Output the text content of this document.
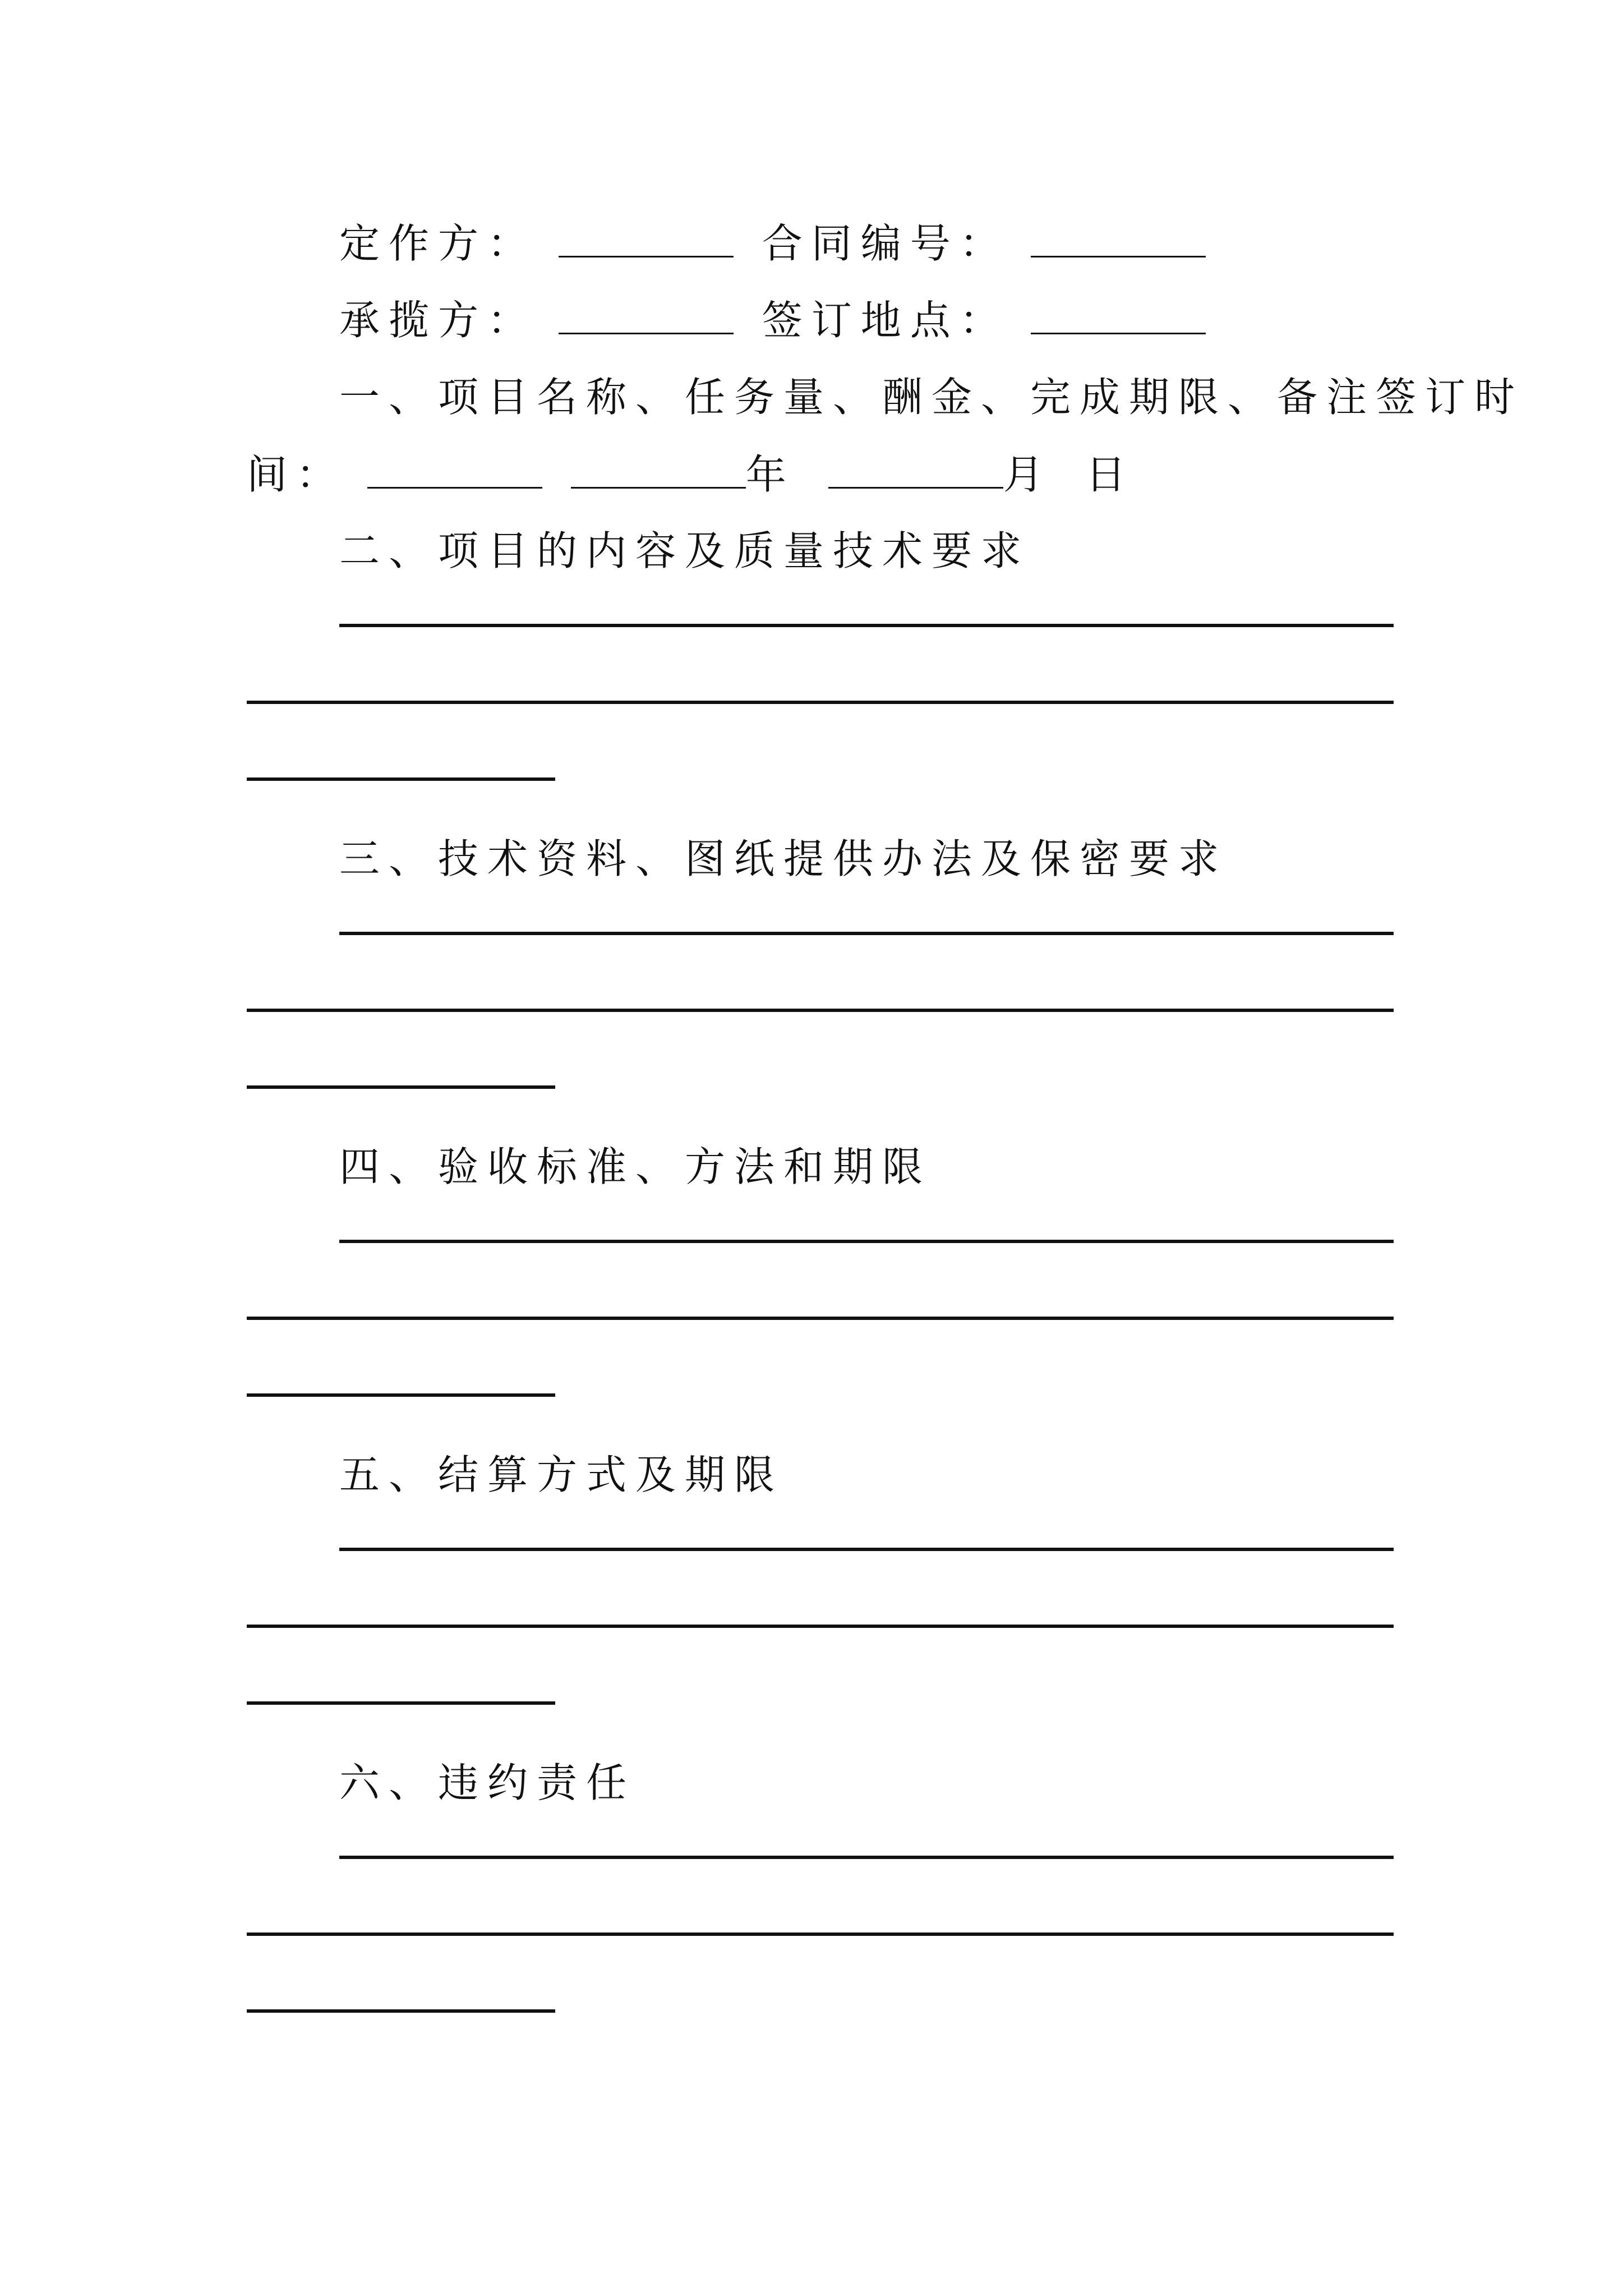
定作方：	合同编号：
承揽方：	签订地点：
一、项目名称、任务量、酬金、完成期限、备注签订时
间：	年	月 日
二、项目的内容及质量技术要求
三、技术资料、图纸提供办法及保密要求
四、验收标准、方法和期限
五、结算方式及期限
六、违约责任
